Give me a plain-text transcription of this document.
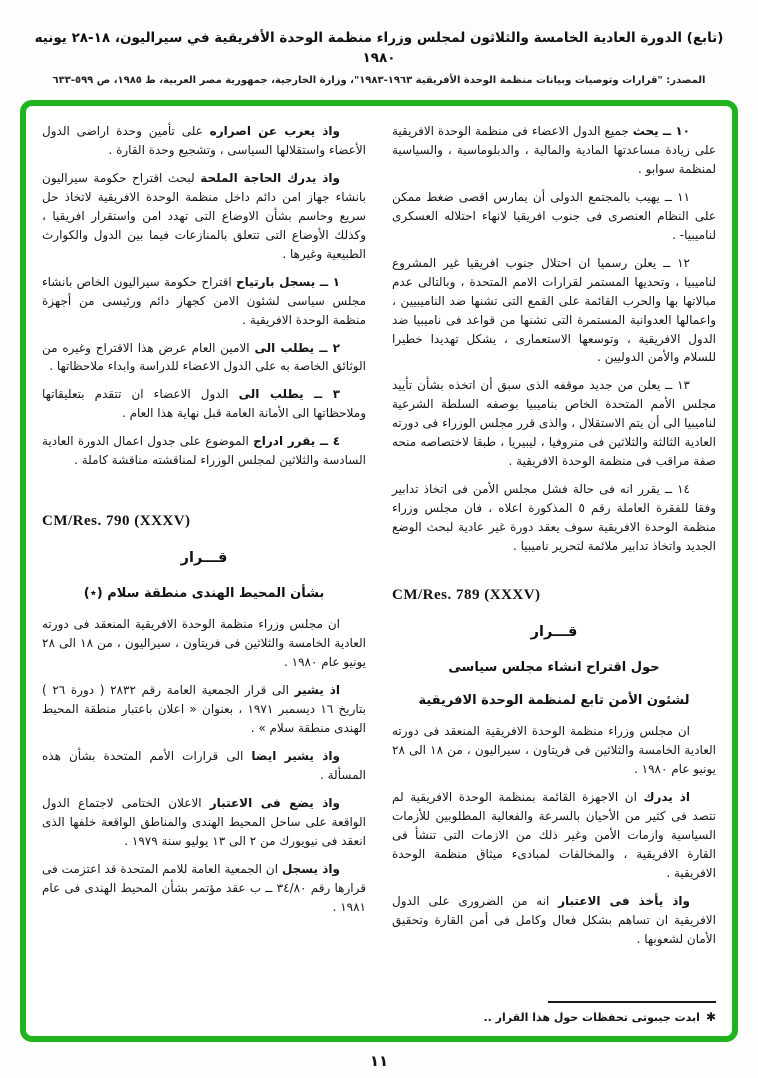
(تابع) الدورة العادية الخامسة والثلاثون لمجلس وزراء منظمة الوحدة الأفريقية في سيراليون، ١٨-٢٨ يونيه ١٩٨٠
المصدر: "قرارات وتوصيات وبيانات منظمة الوحدة الأفريقية ١٩٦٣-١٩٨٣"، وزارة الخارجية، جمهورية مصر العربية، ط ١٩٨٥، ص ٥٩٩-٦٣٣

١٠ ــ يحث جميع الدول الاعضاء فى منظمة الوحدة الافريقية على زيادة مساعدتها المادية والمالية ، والدبلوماسية ، والسياسية لمنظمة سوابو .

١١ ــ يهيب بالمجتمع الدولى أن يمارس اقصى ضغط ممكن على النظام العنصرى فى جنوب افريقيا لانهاء احتلاله العسكرى لناميبيا- .

١٢ ــ يعلن رسميا ان احتلال جنوب افريقيا غير المشروع لناميبيا ، وتحديها المستمر لقرارات الامم المتحدة ، وبالتالى عدم مبالاتها بها والحرب القائمة على القمع التى تشنها ضد الناميبيين ، واعمالها العدوانية المستمرة التى تشنها من قواعد فى ناميبيا ضد الدول الافريقية ، وتوسعها الاستعمارى ، يشكل تهديدا خطيرا للسلام والأمن الدوليين .

١٣ ــ يعلن من جديد موقفه الذى سبق أن اتخذه بشأن تأييد مجلس الأمم المتحدة الخاص بناميبيا بوصفه السلطة الشرعية لناميبيا الى أن يتم الاستقلال ، والذى قرر مجلس الوزراء فى دورته العادية الثالثة والثلاثين فى منروفيا ، ليبيريا ، طبقا لاختصاصه منحه صفة مراقب فى منظمة الوحدة الافريقية .

١٤ ــ يقرر انه فى حالة فشل مجلس الأمن فى اتخاذ تدابير وفقا للفقرة العاملة رقم ٥ المذكورة اعلاه ، فان مجلس وزراء منظمة الوحدة الافريقية سوف يعقد دورة غير عادية لبحث الوضع الجديد واتخاذ تدابير ملائمة لتحرير ناميبيا .

CM/Res. 789 (XXXV)
قـــرار
حول اقتراح انشاء مجلس سياسى
لشئون الأمن تابع لمنظمة الوحدة الافريقية

ان مجلس وزراء منظمة الوحدة الافريقية المنعقد فى دورته العادية الخامسة والثلاثين فى فريتاون ، سيراليون ، من ١٨ الى ٢٨ يونيو عام ١٩٨٠ .

اذ يدرك ان الاجهزة القائمة بمنظمة الوحدة الافريقية لم تتصد فى كثير من الأحيان بالسرعة والفعالية المطلوبين للأزمات السياسية وازمات الأمن وغير ذلك من الازمات التى تنشأ فى القارة الافريقية ، والمخالفات لمبادىء ميثاق منظمة الوحدة الافريقية .

واذ يأخذ فى الاعتبار انه من الضرورى على الدول الافريقية ان تساهم بشكل فعال وكامل فى أمن القارة وتحقيق الأمان لشعوبها .

✱
ابدت جيبوتى تحفظات حول هذا القرار ..

واذ يعرب عن اصراره على تأمين وحدة اراضى الدول الأعضاء واستقلالها السياسى ، وتشجيع وحدة القارة .

واذ يدرك الحاجة الملحة لبحث اقتراح حكومة سيراليون بانشاء جهاز امن دائم داخل منظمة الوحدة الافريقية لاتخاذ حل سريع وحاسم بشأن الاوضاع التى تهدد امن واستقرار افريقيا ، وكذلك الأوضاع التى تتعلق بالمنازعات فيما بين الدول والكوارث الطبيعية وغيرها .

١ ــ يسجل بارتياح اقتراح حكومة سيراليون الخاص بانشاء مجلس سياسى لشئون الامن كجهاز دائم ورئيسى من أجهزة منظمة الوحدة الافريقية .

٢ ــ يطلب الى الامين العام عرض هذا الاقتراح وغيره من الوثائق الخاصة به على الدول الاعضاء للدراسة وابداء ملاحظاتها .

٣ ــ يطلب الى الدول الاعضاء ان تتقدم بتعليقاتها وملاحظاتها الى الأمانة العامة قبل نهاية هذا العام .

٤ ــ يقرر ادراج الموضوع على جدول اعمال الدورة العادية السادسة والثلاثين لمجلس الوزراء لمناقشته مناقشة كاملة .

CM/Res. 790 (XXXV)
قـــرار
بشأن المحيط الهندى منطقة سلام (٭)

ان مجلس وزراء منظمة الوحدة الافريقية المنعقد فى دورته العادية الخامسة والثلاثين فى فريتاون ، سيراليون ، من ١٨ الى ٢٨ يونيو عام ١٩٨٠ .

اذ يشير الى قرار الجمعية العامة رقم ٢٨٣٢ ( دورة ٢٦ ) بتاريخ ١٦ ديسمبر ١٩٧١ ، بعنوان « اعلان باعتبار منطقة المحيط الهندى منطقة سلام » .

واذ يشير ايضا الى قرارات الأمم المتحدة بشأن هذه المسألة .

واذ يضع فى الاعتبار الاعلان الختامى لاجتماع الدول الواقعة على ساحل المحيط الهندى والمناطق الواقعة خلفها الذى انعقد فى نيويورك من ٢ الى ١٣ يوليو سنة ١٩٧٩ .

واذ يسجل ان الجمعية العامة للامم المتحدة قد اعتزمت فى قرارها رقم ٣٤/٨٠ ــ ب عقد مؤتمر بشأن المحيط الهندى فى عام ١٩٨١ .

١١
